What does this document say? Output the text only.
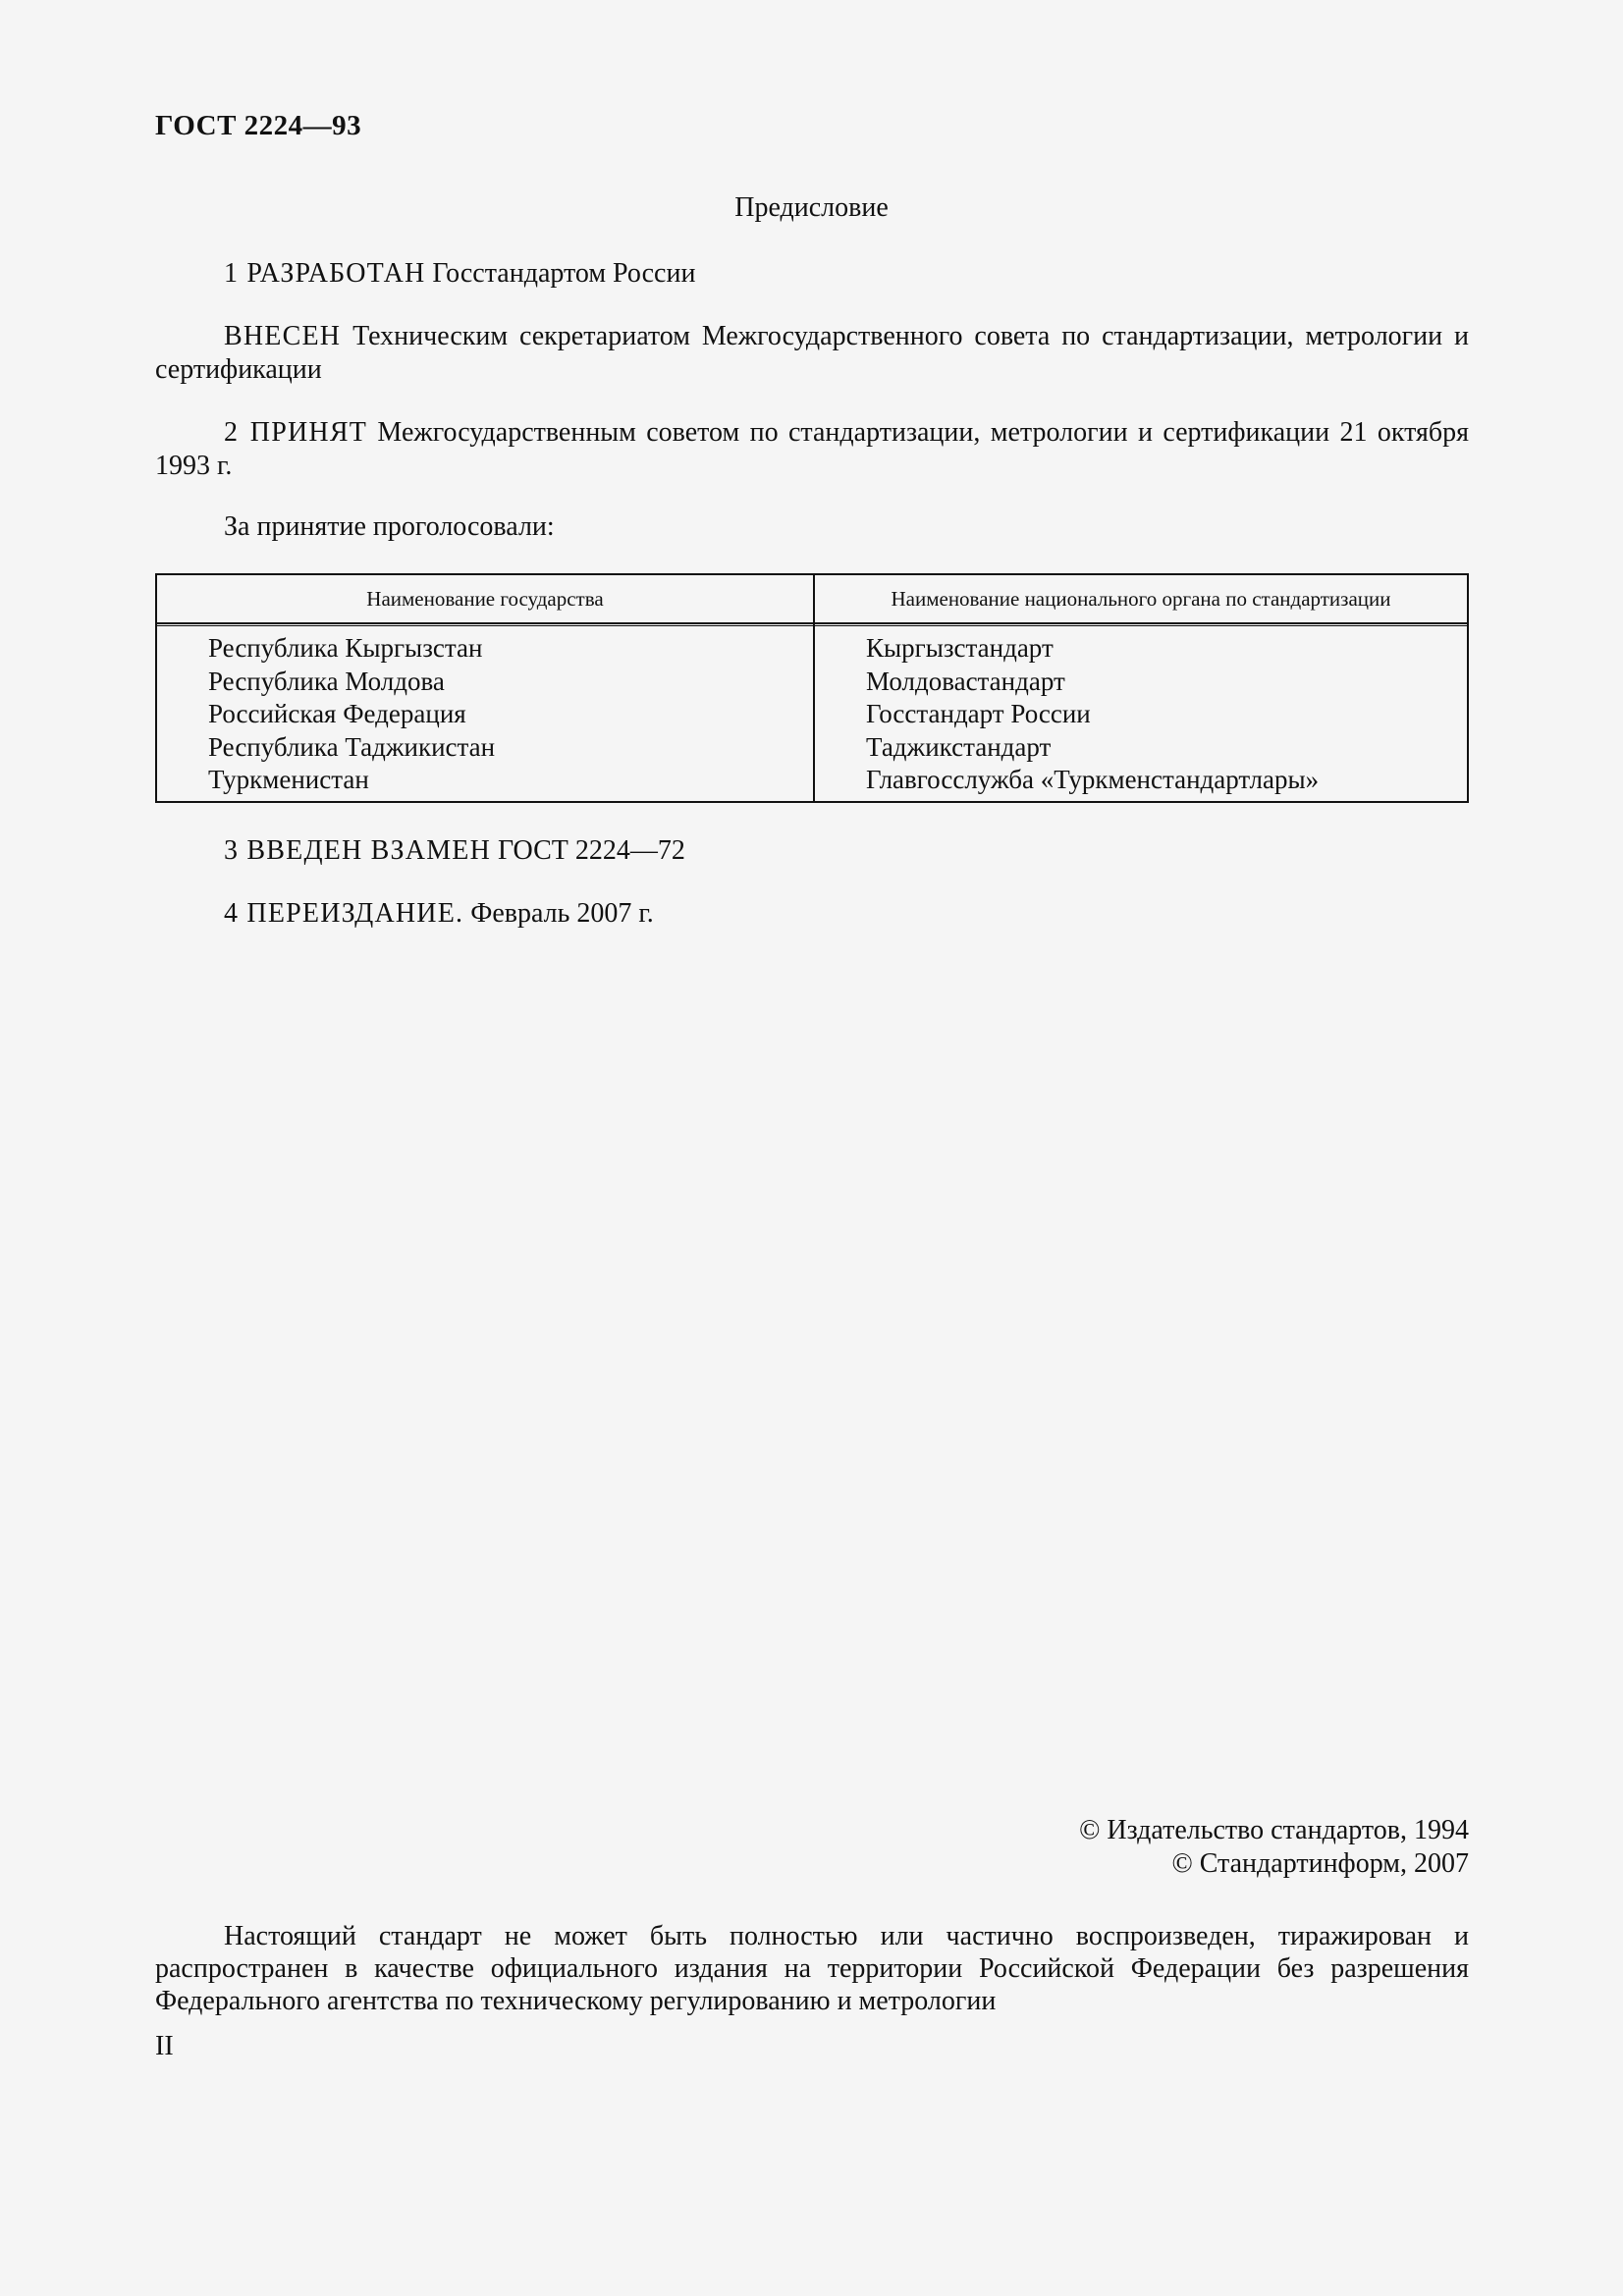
ГОСТ 2224—93
Предисловие
1 РАЗРАБОТАН Госстандартом России
ВНЕСЕН Техническим секретариатом Межгосударственного совета по стандартизации, метрологии и сертификации
2 ПРИНЯТ Межгосударственным советом по стандартизации, метрологии и сертификации 21 октября 1993 г.
За принятие проголосовали:
Наименование государства	Наименование национального органа по стандартизации
Республика Кыргызстан
Республика Молдова
Российская Федерация
Республика Таджикистан
Туркменистан
Кыргызстандарт
Молдовастандарт
Госстандарт России
Таджикстандарт
Главгосслужба «Туркменстандартлары»
3 ВВЕДЕН ВЗАМЕН ГОСТ 2224—72
4 ПЕРЕИЗДАНИЕ. Февраль 2007 г.
© Издательство стандартов, 1994
© Стандартинформ, 2007
Настоящий стандарт не может быть полностью или частично воспроизведен, тиражирован и распространен в качестве официального издания на территории Российской Федерации без разрешения Федерального агентства по техническому регулированию и метрологии
II
